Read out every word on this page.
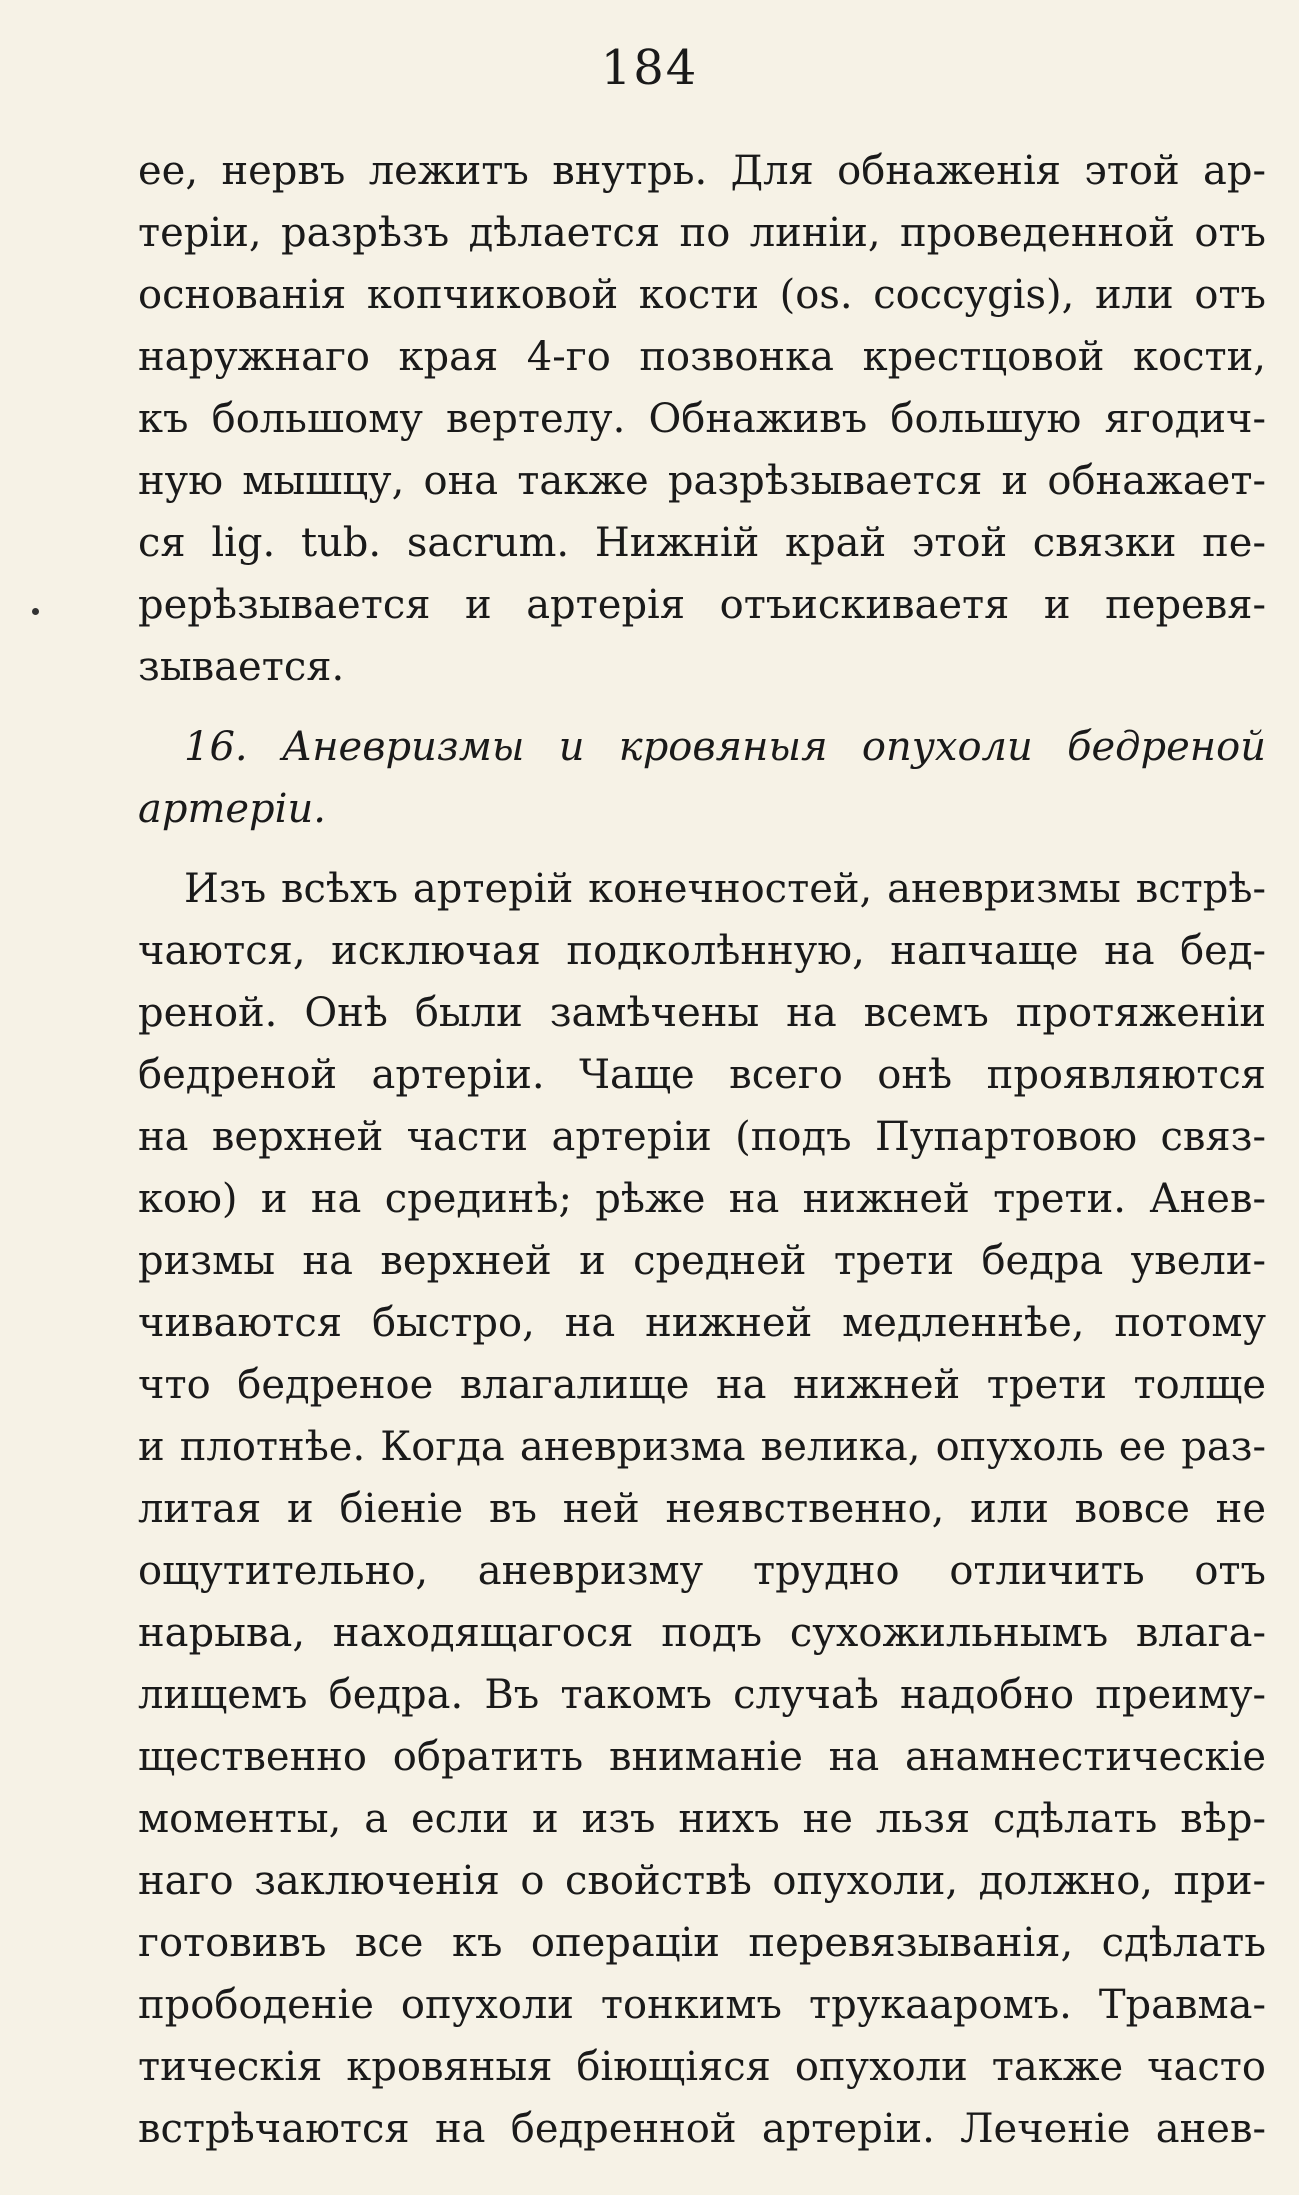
184
ее, нервъ лежитъ внутрь. Для обнаженія этой ар-
теріи, разрѣзъ дѣлается по линіи, проведенной отъ
основанія копчиковой кости (os. coccygis), или отъ
наружнаго края 4-го позвонка крестцовой кости,
къ большому вертелу. Обнаживъ большую ягодич-
ную мышцу, она также разрѣзывается и обнажает-
ся lig. tub. sacrum. Нижній край этой связки пе-
рерѣзывается и артерія отъискиваетя и перевя-
зывается.
16. Аневризмы и кровяныя опухоли бедреной
артеріи.
Изъ всѣхъ артерій конечностей, аневризмы встрѣ-
чаются, исключая подколѣнную, напчаще на бед-
реной. Онѣ были замѣчены на всемъ протяженіи
бедреной артеріи. Чаще всего онѣ проявляются
на верхней части артеріи (подъ Пупартовою связ-
кою) и на срединѣ; рѣже на нижней трети. Анев-
ризмы на верхней и средней трети бедра увели-
чиваются быстро, на нижней медленнѣе, потому
что бедреное влагалище на нижней трети толще
и плотнѣе. Когда аневризма велика, опухоль ее раз-
литая и біеніе въ ней неявственно, или вовсе не
ощутительно, аневризму трудно отличить отъ
нарыва, находящагося подъ сухожильнымъ влага-
лищемъ бедра. Въ такомъ случаѣ надобно преиму-
щественно обратить вниманіе на анамнестическіе
моменты, а если и изъ нихъ не льзя сдѣлать вѣр-
наго заключенія о свойствѣ опухоли, должно, при-
готовивъ все къ операціи перевязыванія, сдѣлать
прободеніе опухоли тонкимъ трукааромъ. Травма-
тическія кровяныя біющіяся опухоли также часто
встрѣчаются на бедренной артеріи. Леченіе анев-
